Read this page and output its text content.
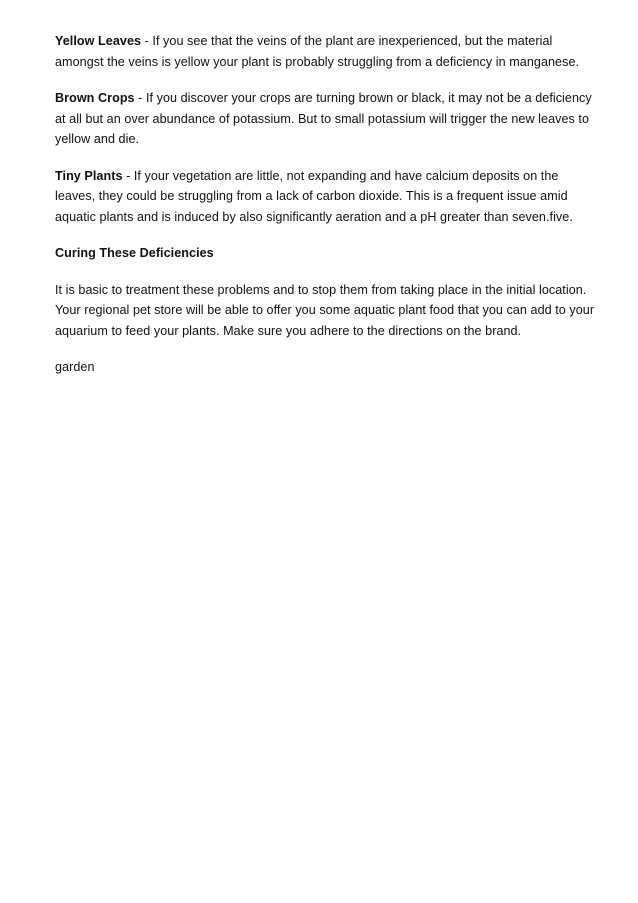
Yellow Leaves - If you see that the veins of the plant are inexperienced, but the material amongst the veins is yellow your plant is probably struggling from a deficiency in manganese.

Brown Crops - If you discover your crops are turning brown or black, it may not be a deficiency at all but an over abundance of potassium. But to small potassium will trigger the new leaves to yellow and die.

Tiny Plants - If your vegetation are little, not expanding and have calcium deposits on the leaves, they could be struggling from a lack of carbon dioxide. This is a frequent issue amid aquatic plants and is induced by also significantly aeration and a pH greater than seven.five.

Curing These Deficiencies

It is basic to treatment these problems and to stop them from taking place in the initial location. Your regional pet store will be able to offer you some aquatic plant food that you can add to your aquarium to feed your plants. Make sure you adhere to the directions on the brand.

garden
